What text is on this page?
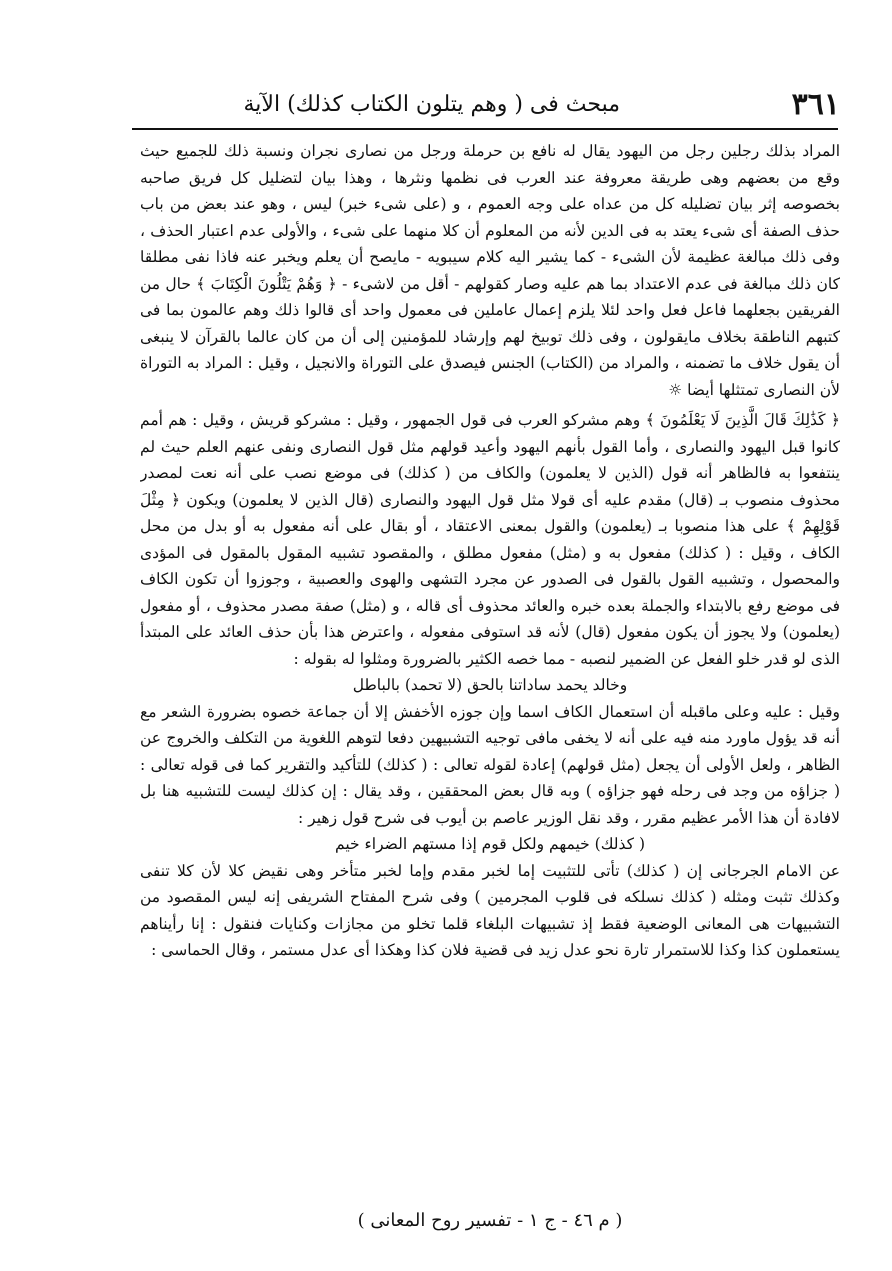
٣٦١
مبحث فى ( وهم يتلون الكتاب كذلك) الآية

المراد بذلك رجلين رجل من اليهود يقال له نافع بن حرملة ورجل من نصارى نجران ونسبة ذلك للجميع حيث وقع من بعضهم وهى طريقة معروفة عند العرب فى نظمها ونثرها ، وهذا بيان لتضليل كل فريق صاحبه بخصوصه إثر بيان تضليله كل من عداه على وجه العموم ، و (على شىء خبر) ليس ، وهو عند بعض من باب حذف الصفة أى شىء يعتد به فى الدين لأنه من المعلوم أن كلا منهما على شىء ، والأولى عدم اعتبار الحذف ، وفى ذلك مبالغة عظيمة لأن الشىء - كما يشير اليه كلام سيبويه - مايصح أن يعلم ويخبر عنه فاذا نفى مطلقا كان ذلك مبالغة فى عدم الاعتداد بما هم عليه وصار كقولهم - أقل من لاشىء - ﴿ وَهُمْ يَتْلُونَ الْكِتَابَ ﴾ حال من الفريقين بجعلهما فاعل فعل واحد لئلا يلزم إعمال عاملين فى معمول واحد أى قالوا ذلك وهم عالمون بما فى كتبهم الناطقة بخلاف مايقولون ، وفى ذلك توبيخ لهم وإرشاد للمؤمنين إلى أن من كان عالما بالقرآن لا ينبغى أن يقول خلاف ما تضمنه ، والمراد من (الكتاب) الجنس فيصدق على التوراة والانجيل ، وقيل : المراد به التوراة لأن النصارى تمتثلها أيضا ☼

﴿ كَذَٰلِكَ قَالَ الَّذِينَ لَا يَعْلَمُونَ ﴾ وهم مشركو العرب فى قول الجمهور ، وقيل : مشركو قريش ، وقيل : هم أمم كانوا قبل اليهود والنصارى ، وأما القول بأنهم اليهود وأعيد قولهم مثل قول النصارى ونفى عنهم العلم حيث لم ينتفعوا به فالظاهر أنه قول (الذين لا يعلمون) والكاف من ( كذلك) فى موضع نصب على أنه نعت لمصدر محذوف منصوب بـ (قال) مقدم عليه أى قولا مثل قول اليهود والنصارى (قال الذين لا يعلمون) ويكون ﴿ مِثْلَ قَوْلِهِمْ ﴾ على هذا منصوبا بـ (يعلمون) والقول بمعنى الاعتقاد ، أو بقال على أنه مفعول به أو بدل من محل الكاف ، وقيل : ( كذلك) مفعول به و (مثل) مفعول مطلق ، والمقصود تشبيه المقول بالمقول فى المؤدى والمحصول ، وتشبيه القول بالقول فى الصدور عن مجرد التشهى والهوى والعصبية ، وجوزوا أن تكون الكاف فى موضع رفع بالابتداء والجملة بعده خبره والعائد محذوف أى قاله ، و (مثل) صفة مصدر محذوف ، أو مفعول (يعلمون) ولا يجوز أن يكون مفعول (قال) لأنه قد استوفى مفعوله ، واعترض هذا بأن حذف العائد على المبتدأ الذى لو قدر خلو الفعل عن الضمير لنصبه - مما خصه الكثير بالضرورة ومثلوا له بقوله :

وخالد يحمد ساداتنا بالحق (لا تحمد) بالباطل

وقيل : عليه وعلى ماقبله أن استعمال الكاف اسما وإن جوزه الأخفش إلا أن جماعة خصوه بضرورة الشعر مع أنه قد يؤول ماورد منه فيه على أنه لا يخفى مافى توجيه التشبيهين دفعا لتوهم اللغوية من التكلف والخروج عن الظاهر ، ولعل الأولى أن يجعل (مثل قولهم) إعادة لقوله تعالى : ( كذلك) للتأكيد والتقرير كما فى قوله تعالى : ( جزاؤه من وجد فى رحله فهو جزاؤه ) وبه قال بعض المحققين ، وقد يقال : إن كذلك ليست للتشبيه هنا بل لافادة أن هذا الأمر عظيم مقرر ، وقد نقل الوزير عاصم بن أيوب فى شرح قول زهير :

( كذلك) خيمهم ولكل قوم إذا مستهم الضراء خيم

عن الامام الجرجانى إن ( كذلك) تأتى للتثبيت إما لخبر مقدم وإما لخبر متأخر وهى نقيض كلا لأن كلا تنفى وكذلك تثبت ومثله ( كذلك نسلكه فى قلوب المجرمين ) وفى شرح المفتاح الشريفى إنه ليس المقصود من التشبيهات هى المعانى الوضعية فقط إذ تشبيهات البلغاء قلما تخلو من مجازات وكنايات فنقول : إنا رأيناهم يستعملون كذا وكذا للاستمرار تارة نحو عدل زيد فى قضية فلان كذا وهكذا أى عدل مستمر ، وقال الحماسى :

( م ٤٦ - ج ١ - تفسير روح المعانى )
